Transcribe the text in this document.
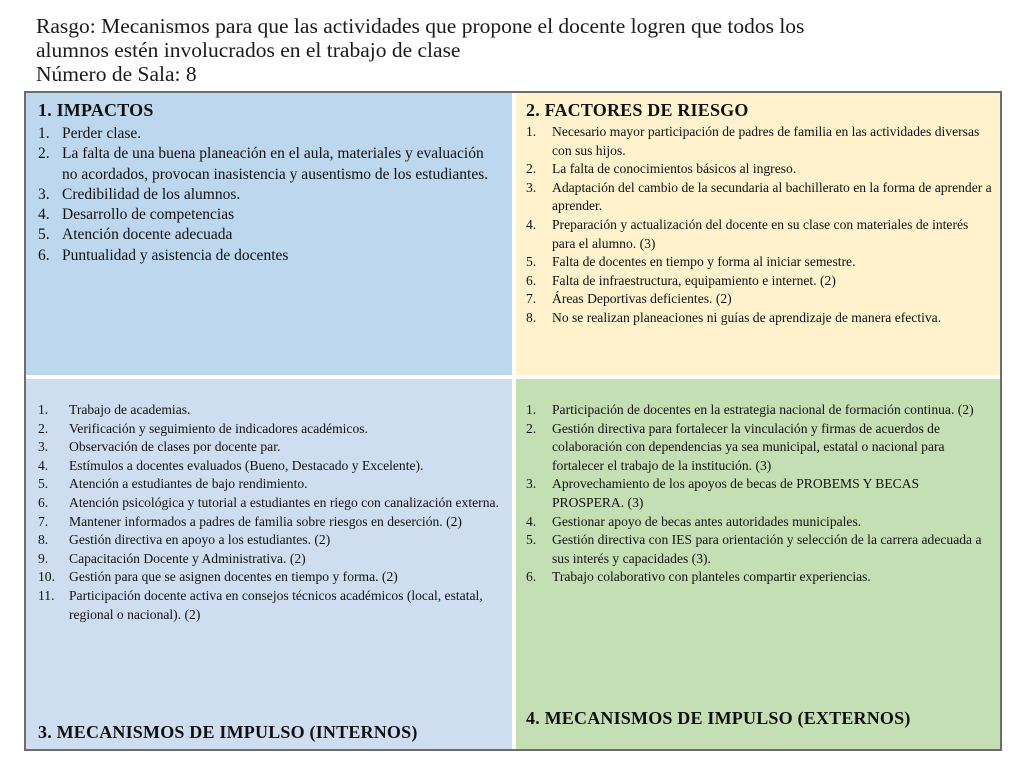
Rasgo: Mecanismos para que las actividades que propone el docente logren que todos los
alumnos estén involucrados en el trabajo de clase
Número de Sala: 8
1. IMPACTOS
Perder clase.
La falta de una buena planeación en el aula, materiales y evaluación no acordados, provocan inasistencia y ausentismo de los estudiantes.
Credibilidad de los alumnos.
Desarrollo de competencias
Atención docente adecuada
Puntualidad y asistencia de docentes
2. FACTORES DE RIESGO
Necesario mayor participación de padres de familia en las actividades diversas con sus hijos.
La falta de conocimientos básicos al ingreso.
Adaptación del cambio de la secundaria al bachillerato en la forma de aprender a aprender.
Preparación y actualización del docente en su clase con materiales de interés para el alumno. (3)
Falta de docentes en tiempo y forma al iniciar semestre.
Falta de infraestructura, equipamiento e internet. (2)
Áreas Deportivas deficientes. (2)
No se realizan planeaciones ni guías de aprendizaje de manera efectiva.
Trabajo de academias.
Verificación y seguimiento de indicadores académicos.
Observación de clases por docente par.
Estímulos a docentes evaluados (Bueno, Destacado y Excelente).
Atención a estudiantes de bajo rendimiento.
Atención psicológica y tutorial a estudiantes en riego con canalización externa.
Mantener informados a padres de familia sobre riesgos en deserción. (2)
Gestión directiva en apoyo a los estudiantes. (2)
Capacitación Docente y Administrativa. (2)
Gestión para que se asignen docentes en tiempo y forma. (2)
Participación docente activa en consejos técnicos académicos (local, estatal, regional o nacional). (2)
3. MECANISMOS DE IMPULSO (INTERNOS)
Participación de docentes en la estrategia nacional de formación continua. (2)
Gestión directiva para fortalecer la vinculación y firmas de acuerdos de colaboración con dependencias ya sea municipal, estatal o nacional para fortalecer el trabajo de la institución. (3)
Aprovechamiento de los apoyos de becas de PROBEMS Y BECAS PROSPERA. (3)
Gestionar apoyo de becas antes autoridades municipales.
Gestión directiva con IES para orientación y selección de la carrera adecuada a sus interés y capacidades (3).
Trabajo colaborativo con planteles compartir experiencias.
4. MECANISMOS DE IMPULSO (EXTERNOS)
